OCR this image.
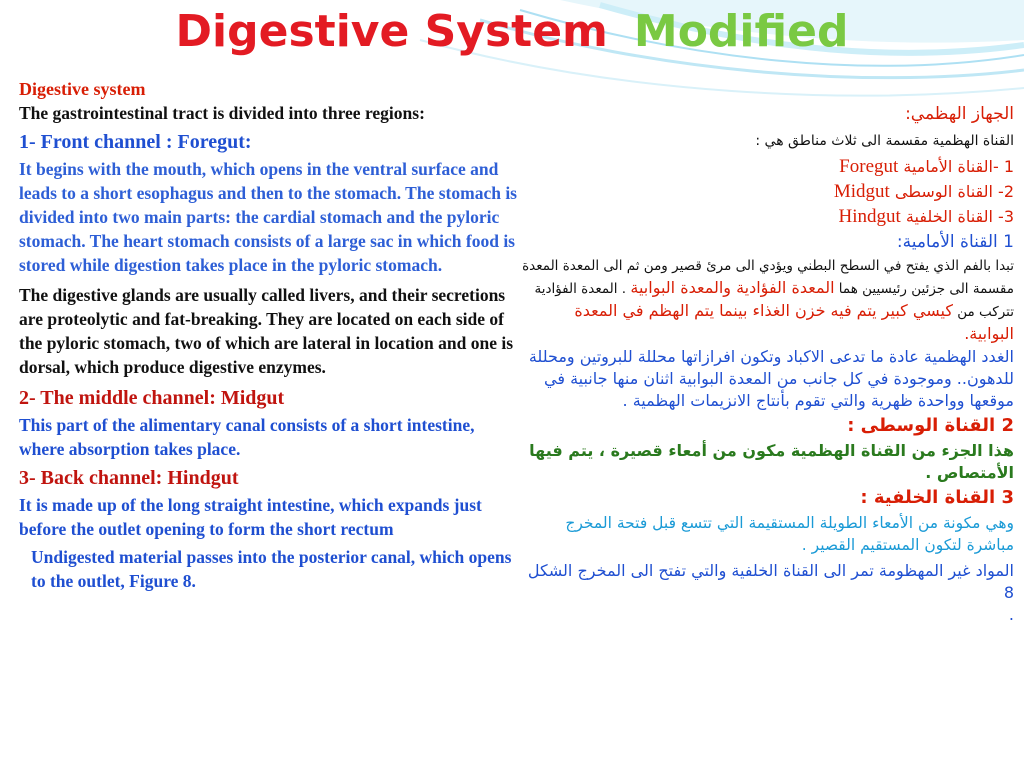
Digestive System Modified

Digestive system

The gastrointestinal tract is divided into three regions:

1- Front channel : Foregut:

It begins with the mouth, which opens in the ventral surface and leads to a short esophagus and then to the stomach. The stomach is divided into two main parts: the cardial stomach and the pyloric stomach. The heart stomach consists of a large sac in which food is stored while digestion takes place in the pyloric stomach.

The digestive glands are usually called livers, and their secretions are proteolytic and fat-breaking. They are located on each side of the pyloric stomach, two of which are lateral in location and one is dorsal, which produce digestive enzymes.

2- The middle channel: Midgut

This part of the alimentary canal consists of a short intestine, where absorption takes place.

3- Back channel: Hindgut

It is made up of the long straight intestine, which expands just before the outlet opening to form the short rectum

Undigested material passes into the posterior canal, which opens to the outlet, Figure 8.

الجهاز الهظمي:

القناة الهظمية مقسمة الى ثلاث مناطق هي :

1 -القناة الأمامية Foregut

2- القناة الوسطى Midgut

3- القناة الخلفية Hindgut

1 القناة الأمامية:

تبدا بالفم الذي يفتح في السطح البطني ويؤدي الى مرئ قصير ومن ثم الى المعدة المعدة مقسمة الى جزئين رئيسيين هما المعدة الفؤادية والمعدة البوابية . المعدة الفؤادية تتركب من كيسي كبير يتم فيه خزن الغذاء بينما يتم الهظم في المعدة البوابية.

الغدد الهظمية عادة ما تدعى الاكباد وتكون افرازاتها محللة للبروتين ومحللة للدهون.. وموجودة في كل جانب من المعدة البوابية اثنان منها جانبية في موقعها وواحدة ظهرية والتي تقوم بأنتاج الانزيمات الهظمية .

2 القناة الوسطى :

هذا الجزء من القناة الهظمية مكون من أمعاء قصيرة ، يتم فيها الأمتصاص .

3 القناة الخلفية :

وهي مكونة من الأمعاء الطويلة المستقيمة التي تتسع قبل فتحة المخرج مباشرة لتكون المستقيم القصير .

المواد غير المهظومة تمر الى القناة الخلفية والتي تفتح الى المخرج الشكل 8

.
